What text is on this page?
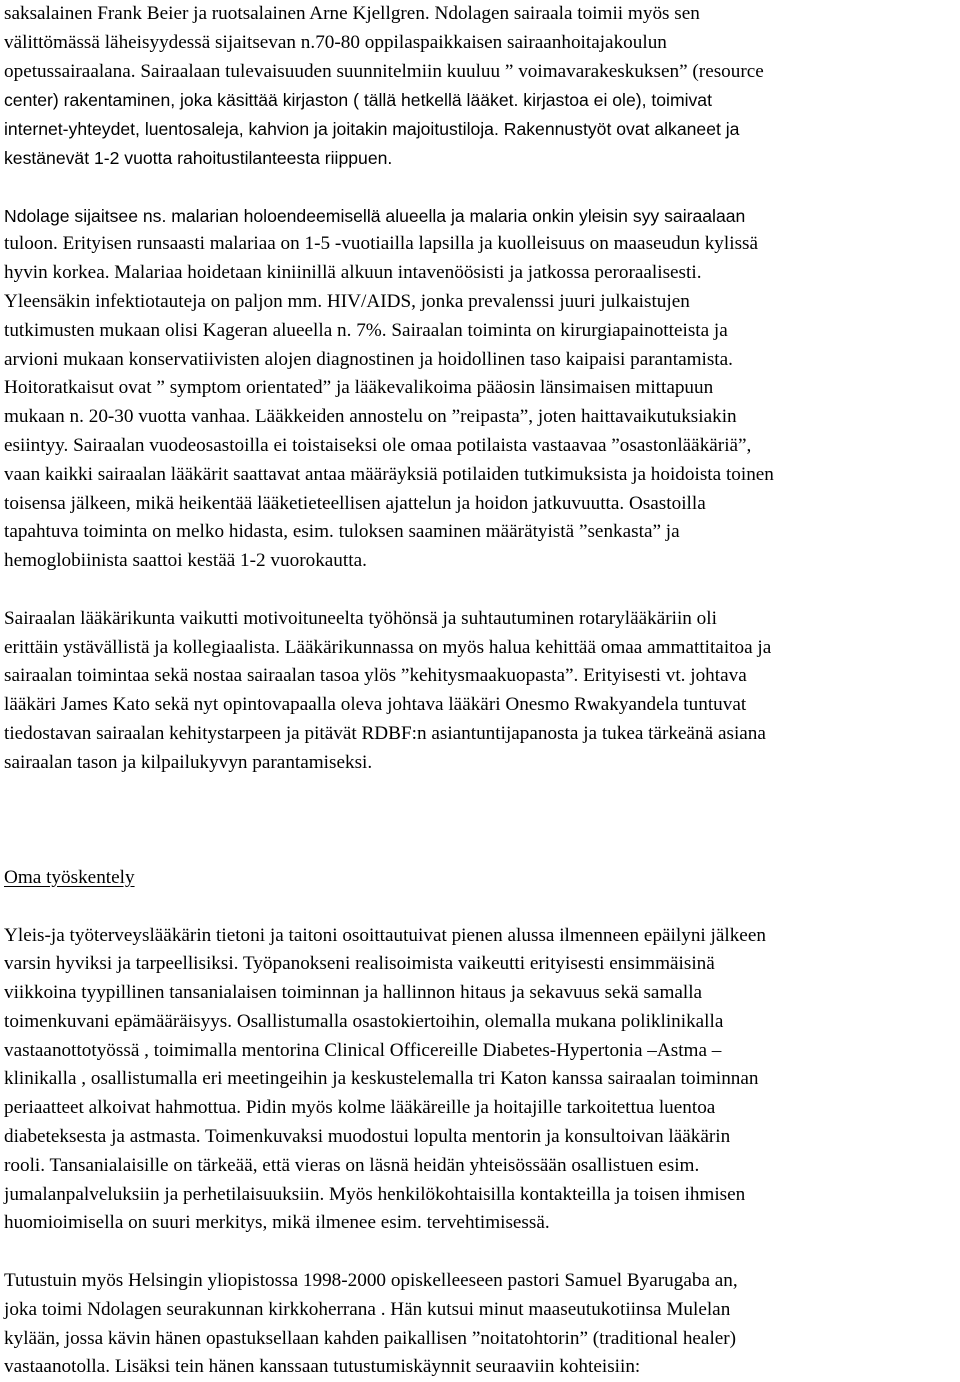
saksalainen Frank Beier ja ruotsalainen Arne Kjellgren. Ndolagen sairaala toimii myös sen
välittömässä läheisyydessä sijaitsevan n.70-80 oppilaspaikkaisen sairaanhoitajakoulun
opetussairaalana. Sairaalaan tulevaisuuden suunnitelmiin kuuluu ” voimavarakeskuksen” (resource
center) rakentaminen, joka käsittää kirjaston ( tällä hetkellä lääket. kirjastoa ei ole), toimivat
internet-yhteydet, luentosaleja, kahvion ja joitakin majoitustiloja. Rakennustyöt ovat alkaneet ja
kestänevät 1-2 vuotta rahoitustilanteesta riippuen.
Ndolage sijaitsee ns. malarian holoendeemisellä alueella ja malaria onkin yleisin syy sairaalaan
tuloon. Erityisen runsaasti malariaa on 1-5 -vuotiailla lapsilla ja kuolleisuus on maaseudun kylissä
hyvin korkea. Malariaa hoidetaan kiniinillä alkuun intavenöösisti ja jatkossa peroraalisesti.
Yleensäkin infektiotauteja on paljon mm. HIV/AIDS, jonka prevalenssi juuri julkaistujen
tutkimusten mukaan olisi Kageran alueella n. 7%. Sairaalan toiminta on kirurgiapainotteista ja
arvioni mukaan konservatiivisten alojen diagnostinen ja hoidollinen taso kaipaisi parantamista.
Hoitoratkaisut ovat ” symptom orientated” ja lääkevalikoima pääosin länsimaisen mittapuun
mukaan n. 20-30 vuotta vanhaa. Lääkkeiden annostelu on ”reipasta”, joten haittavaikutuksiakin
esiintyy. Sairaalan vuodeosastoilla ei toistaiseksi ole omaa potilaista vastaavaa ”osastonlääkäriä”,
vaan kaikki sairaalan lääkärit saattavat antaa määräyksiä potilaiden tutkimuksista ja hoidoista toinen
toisensa jälkeen, mikä heikentää lääketieteellisen ajattelun ja hoidon jatkuvuutta. Osastoilla
tapahtuva toiminta on melko hidasta, esim. tuloksen saaminen määrätyistä ”senkasta” ja
hemoglobiinista saattoi kestää 1-2 vuorokautta.
Sairaalan lääkärikunta vaikutti motivoituneelta työhönsä ja suhtautuminen rotarylääkäriin oli
erittäin ystävällistä ja kollegiaalista. Lääkärikunnassa on myös halua kehittää omaa ammattitaitoa ja
sairaalan toimintaa sekä nostaa sairaalan tasoa ylös ”kehitysmaakuopasta”. Erityisesti vt. johtava
lääkäri James Kato sekä nyt opintovapaalla oleva johtava lääkäri Onesmo Rwakyandela tuntuvat
tiedostavan sairaalan kehitystarpeen ja pitävät RDBF:n asiantuntijapanosta ja tukea tärkeänä asiana
sairaalan tason ja kilpailukyvyn parantamiseksi.
Oma työskentely
Yleis-ja työterveyslääkärin tietoni ja taitoni osoittautuivat pienen alussa ilmenneen epäilyni jälkeen
varsin hyviksi ja tarpeellisiksi. Työpanokseni realisoimista vaikeutti erityisesti ensimmäisinä
viikkoina tyypillinen tansanialaisen toiminnan ja hallinnon hitaus ja sekavuus sekä samalla
toimenkuvani epämääräisyys. Osallistumalla osastokiertoihin, olemalla mukana poliklinikalla
vastaanottotyössä , toimimalla mentorina Clinical Officereille Diabetes-Hypertonia –Astma –
klinikalla , osallistumalla eri meetingeihin ja keskustelemalla tri Katon kanssa sairaalan toiminnan
periaatteet alkoivat hahmottua. Pidin myös kolme lääkäreille ja hoitajille tarkoitettua luentoa
diabeteksesta ja astmasta. Toimenkuvaksi muodostui lopulta mentorin ja konsultoivan lääkärin
rooli. Tansanialaisille on tärkeää, että vieras on läsnä heidän yhteisössään osallistuen esim.
jumalanpalveluksiin ja perhetilaisuuksiin. Myös henkilökohtaisilla kontakteilla ja toisen ihmisen
huomioimisella on suuri merkitys, mikä ilmenee esim. tervehtimisessä.
Tutustuin myös Helsingin yliopistossa 1998-2000 opiskelleeseen pastori Samuel Byarugaba an,
joka toimi Ndolagen seurakunnan kirkkoherrana . Hän kutsui minut maaseutukotiinsa Mulelan
kylään, jossa kävin hänen opastuksellaan kahden paikallisen ”noitatohtorin” (traditional healer)
vastaanotolla. Lisäksi tein hänen kanssaan tutustumiskäynnit seuraaviin kohteisiin:
